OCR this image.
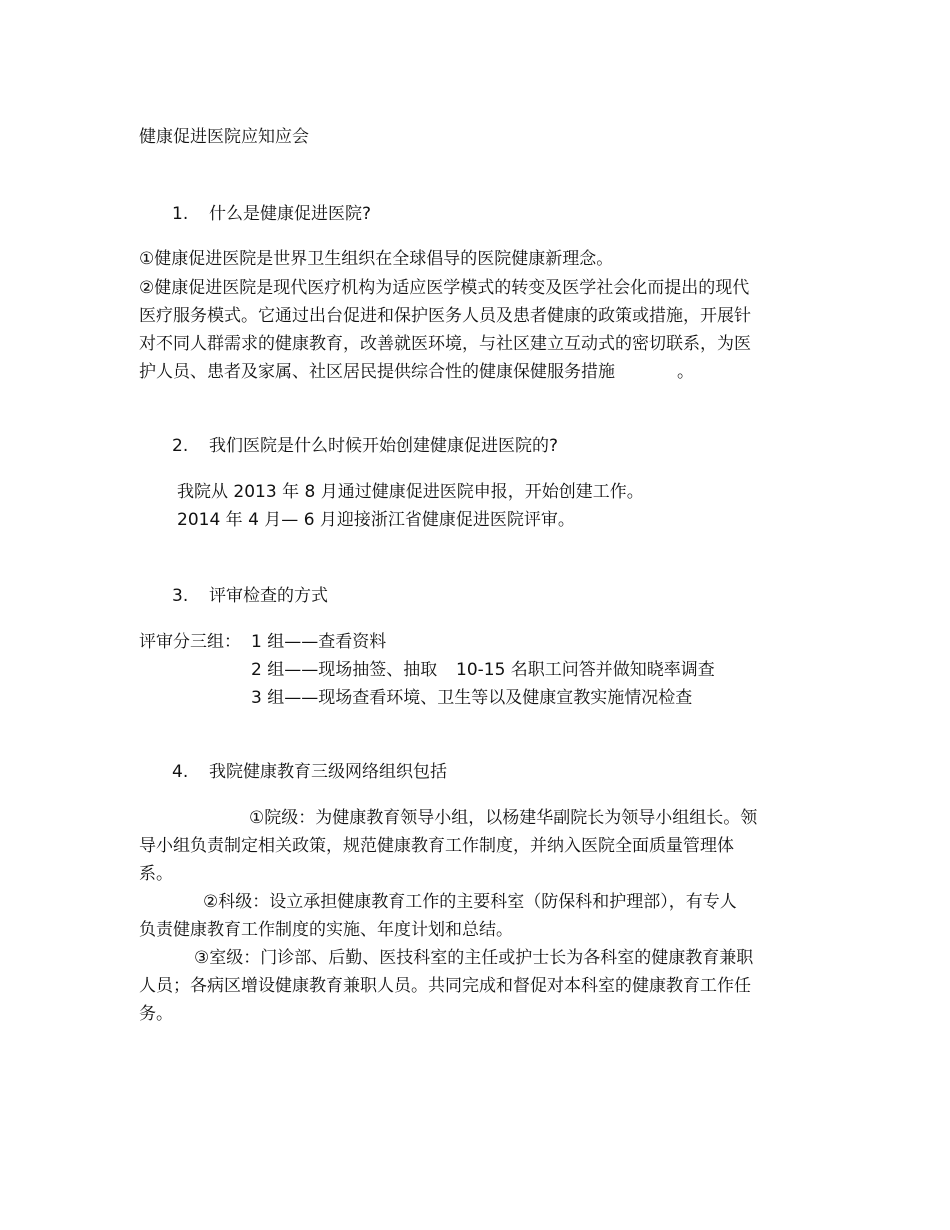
健康促进医院应知应会
1. 什么是健康促进医院?
①健康促进医院是世界卫生组织在全球倡导的医院健康新理念。
②健康促进医院是现代医疗机构为适应医学模式的转变及医学社会化而提出的现代
医疗服务模式。它通过出台促进和保护医务人员及患者健康的政策或措施，开展针
对不同人群需求的健康教育，改善就医环境，与社区建立互动式的密切联系，为医
护人员、患者及家属、社区居民提供综合性的健康保健服务措施	。
2. 我们医院是什么时候开始创建健康促进医院的?
我院从 2013 年 8 月通过健康促进医院申报，开始创建工作。
2014 年 4 月— 6 月迎接浙江省健康促进医院评审。
3. 评审检查的方式
评审分三组： 1 组——查看资料
2 组——现场抽签、抽取 10-15 名职工问答并做知晓率调查
3 组——现场查看环境、卫生等以及健康宣教实施情况检查
4. 我院健康教育三级网络组织包括
①院级：为健康教育领导小组，以杨建华副院长为领导小组组长。领
导小组负责制定相关政策，规范健康教育工作制度，并纳入医院全面质量管理体
系。
②科级：设立承担健康教育工作的主要科室（防保科和护理部），有专人
负责健康教育工作制度的实施、年度计划和总结。
③室级：门诊部、后勤、医技科室的主任或护士长为各科室的健康教育兼职
人员；各病区增设健康教育兼职人员。共同完成和督促对本科室的健康教育工作任
务。
